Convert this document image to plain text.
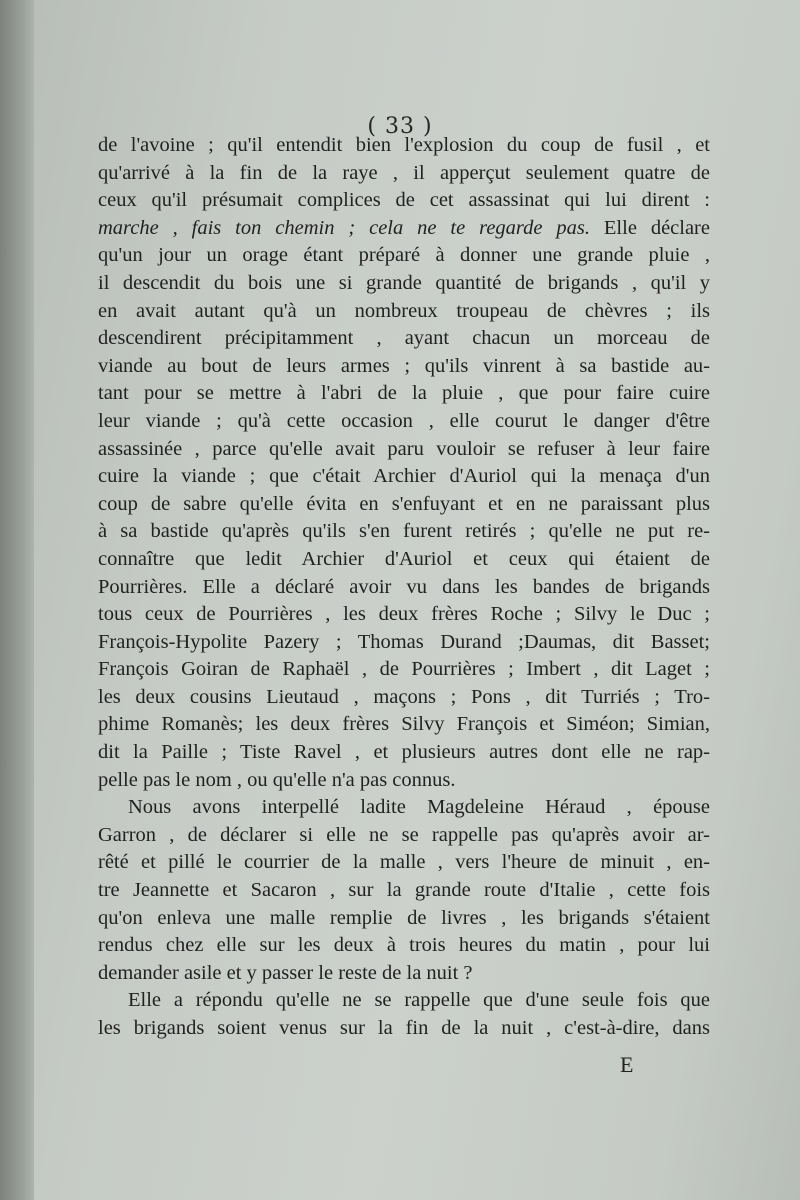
( 33 )
de l'avoine ; qu'il entendit bien l'explosion du coup de fusil , et
qu'arrivé à la fin de la raye , il apperçut seulement quatre de
ceux qu'il présumait complices de cet assassinat qui lui dirent :
marche , fais ton chemin ; cela ne te regarde pas. Elle déclare
qu'un jour un orage étant préparé à donner une grande pluie ,
il descendit du bois une si grande quantité de brigands , qu'il y
en avait autant qu'à un nombreux troupeau de chèvres ; ils
descendirent précipitamment , ayant chacun un morceau de
viande au bout de leurs armes ; qu'ils vinrent à sa bastide au-
tant pour se mettre à l'abri de la pluie , que pour faire cuire
leur viande ; qu'à cette occasion , elle courut le danger d'être
assassinée , parce qu'elle avait paru vouloir se refuser à leur faire
cuire la viande ; que c'était Archier d'Auriol qui la menaça d'un
coup de sabre qu'elle évita en s'enfuyant et en ne paraissant plus
à sa bastide qu'après qu'ils s'en furent retirés ; qu'elle ne put re-
connaître que ledit Archier d'Auriol et ceux qui étaient de
Pourrières. Elle a déclaré avoir vu dans les bandes de brigands
tous ceux de Pourrières , les deux frères Roche ; Silvy le Duc ;
François-Hypolite Pazery ; Thomas Durand ;Daumas, dit Basset;
François Goiran de Raphaël , de Pourrières ; Imbert , dit Laget ;
les deux cousins Lieutaud , maçons ; Pons , dit Turriés ; Tro-
phime Romanès; les deux frères Silvy François et Siméon; Simian,
dit la Paille ; Tiste Ravel , et plusieurs autres dont elle ne rap-
pelle pas le nom , ou qu'elle n'a pas connus.
Nous avons interpellé ladite Magdeleine Héraud , épouse
Garron , de déclarer si elle ne se rappelle pas qu'après avoir ar-
rêté et pillé le courrier de la malle , vers l'heure de minuit , en-
tre Jeannette et Sacaron , sur la grande route d'Italie , cette fois
qu'on enleva une malle remplie de livres , les brigands s'étaient
rendus chez elle sur les deux à trois heures du matin , pour lui
demander asile et y passer le reste de la nuit ?
Elle a répondu qu'elle ne se rappelle que d'une seule fois que
les brigands soient venus sur la fin de la nuit , c'est-à-dire, dans
E
